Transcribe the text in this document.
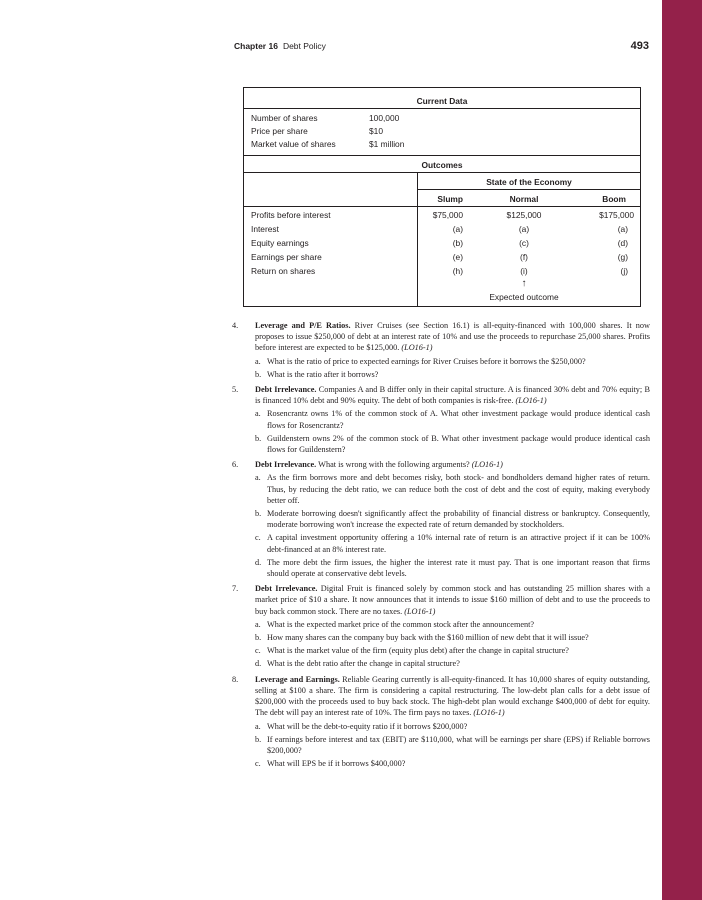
Chapter 16 Debt Policy	493
Current Data
Number of shares	100,000
Price per share	$10
Market value of shares	$1 million
Outcomes
State of the Economy
Slump	Normal	Boom
Profits before interest	$75,000	$125,000	$175,000
Interest	(a)	(a)	(a)
Equity earnings	(b)	(c)	(d)
Earnings per share	(e)	(f)	(g)
Return on shares	(h)	(i)	(j)
↑
Expected outcome
4. Leverage and P/E Ratios. River Cruises (see Section 16.1) is all-equity-financed with 100,000 shares. It now proposes to issue $250,000 of debt at an interest rate of 10% and use the proceeds to repurchase 25,000 shares. Profits before interest are expected to be $125,000. (LO16-1)

a. What is the ratio of price to expected earnings for River Cruises before it borrows the $250,000?
b. What is the ratio after it borrows?
5. Debt Irrelevance. Companies A and B differ only in their capital structure. A is financed 30% debt and 70% equity; B is financed 10% debt and 90% equity. The debt of both companies is risk-free. (LO16-1)

a. Rosencrantz owns 1% of the common stock of A. What other investment package would produce identical cash flows for Rosencrantz?
b. Guildenstern owns 2% of the common stock of B. What other investment package would produce identical cash flows for Guildenstern?
6. Debt Irrelevance. What is wrong with the following arguments? (LO16-1)

a. As the firm borrows more and debt becomes risky, both stock- and bondholders demand higher rates of return. Thus, by reducing the debt ratio, we can reduce both the cost of debt and the cost of equity, making everybody better off.
b. Moderate borrowing doesn't significantly affect the probability of financial distress or bankruptcy. Consequently, moderate borrowing won't increase the expected rate of return demanded by stockholders.
c. A capital investment opportunity offering a 10% internal rate of return is an attractive project if it can be 100% debt-financed at an 8% interest rate.
d. The more debt the firm issues, the higher the interest rate it must pay. That is one important reason that firms should operate at conservative debt levels.
7. Debt Irrelevance. Digital Fruit is financed solely by common stock and has outstanding 25 million shares with a market price of $10 a share. It now announces that it intends to issue $160 million of debt and to use the proceeds to buy back common stock. There are no taxes. (LO16-1)

a. What is the expected market price of the common stock after the announcement?
b. How many shares can the company buy back with the $160 million of new debt that it will issue?
c. What is the market value of the firm (equity plus debt) after the change in capital structure?
d. What is the debt ratio after the change in capital structure?
8. Leverage and Earnings. Reliable Gearing currently is all-equity-financed. It has 10,000 shares of equity outstanding, selling at $100 a share. The firm is considering a capital restructuring. The low-debt plan calls for a debt issue of $200,000 with the proceeds used to buy back stock. The high-debt plan would exchange $400,000 of debt for equity. The debt will pay an interest rate of 10%. The firm pays no taxes. (LO16-1)

a. What will be the debt-to-equity ratio if it borrows $200,000?
b. If earnings before interest and tax (EBIT) are $110,000, what will be earnings per share (EPS) if Reliable borrows $200,000?
c. What will EPS be if it borrows $400,000?
